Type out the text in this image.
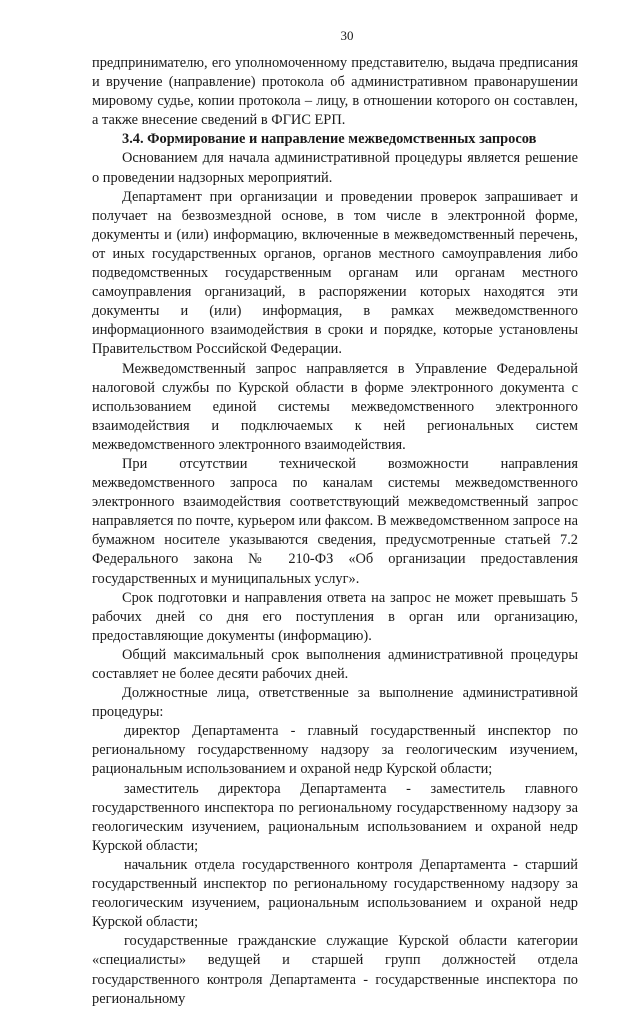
30

предпринимателю, его уполномоченному представителю, выдача предписания и вручение (направление) протокола об административном правонарушении мировому судье, копии протокола – лицу, в отношении которого он составлен, а также внесение сведений в ФГИС ЕРП.

3.4. Формирование и направление межведомственных запросов

Основанием для начала административной процедуры является решение о проведении надзорных мероприятий.

Департамент при организации и проведении проверок запрашивает и получает на безвозмездной основе, в том числе в электронной форме, документы и (или) информацию, включенные в межведомственный перечень, от иных государственных органов, органов местного самоуправления либо подведомственных государственным органам или органам местного самоуправления организаций, в распоряжении которых находятся эти документы и (или) информация, в рамках межведомственного информационного взаимодействия в сроки и порядке, которые установлены Правительством Российской Федерации.

Межведомственный запрос направляется в Управление Федеральной налоговой службы по Курской области в форме электронного документа с использованием единой системы межведомственного электронного взаимодействия и подключаемых к ней региональных систем межведомственного электронного взаимодействия.

При отсутствии технической возможности направления межведомственного запроса по каналам системы межведомственного электронного взаимодействия соответствующий межведомственный запрос направляется по почте, курьером или факсом. В межведомственном запросе на бумажном носителе указываются сведения, предусмотренные статьей 7.2 Федерального закона № 210-ФЗ «Об организации предоставления государственных и муниципальных услуг».

Срок подготовки и направления ответа на запрос не может превышать 5 рабочих дней со дня его поступления в орган или организацию, предоставляющие документы (информацию).

Общий максимальный срок выполнения административной процедуры составляет не более десяти рабочих дней.

Должностные лица, ответственные за выполнение административной процедуры:

директор Департамента - главный государственный инспектор по региональному государственному надзору за геологическим изучением, рациональным использованием и охраной недр Курской области;

заместитель директора Департамента - заместитель главного государственного инспектора по региональному государственному надзору за геологическим изучением, рациональным использованием и охраной недр Курской области;

начальник отдела государственного контроля Департамента - старший государственный инспектор по региональному государственному надзору за геологическим изучением, рациональным использованием и охраной недр Курской области;

государственные гражданские служащие Курской области категории «специалисты» ведущей и старшей групп должностей отдела государственного контроля Департамента - государственные инспектора по региональному
